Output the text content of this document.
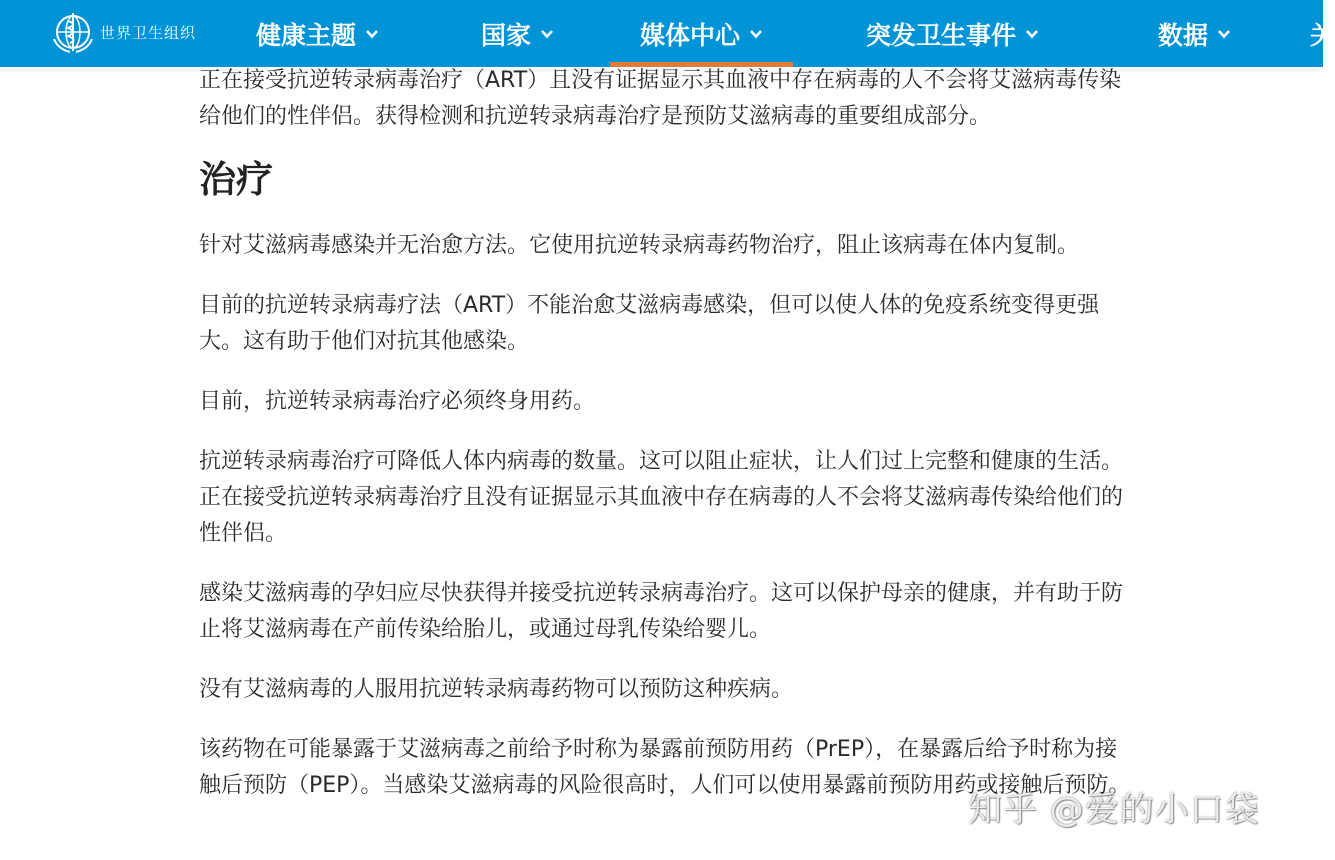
世界卫生组织 健康主题	国家	媒体中心	突发卫生事件	数据	关

正在接受抗逆转录病毒治疗（ART）且没有证据显示其血液中存在病毒的人不会将艾滋病毒传染给他们的性伴侣。获得检测和抗逆转录病毒治疗是预防艾滋病毒的重要组成部分。

治疗

针对艾滋病毒感染并无治愈方法。它使用抗逆转录病毒药物治疗，阻止该病毒在体内复制。

目前的抗逆转录病毒疗法（ART）不能治愈艾滋病毒感染，但可以使人体的免疫系统变得更强大。这有助于他们对抗其他感染。

目前，抗逆转录病毒治疗必须终身用药。

抗逆转录病毒治疗可降低人体内病毒的数量。这可以阻止症状，让人们过上完整和健康的生活。正在接受抗逆转录病毒治疗且没有证据显示其血液中存在病毒的人不会将艾滋病毒传染给他们的性伴侣。

感染艾滋病毒的孕妇应尽快获得并接受抗逆转录病毒治疗。这可以保护母亲的健康，并有助于防止将艾滋病毒在产前传染给胎儿，或通过母乳传染给婴儿。

没有艾滋病毒的人服用抗逆转录病毒药物可以预防这种疾病。

该药物在可能暴露于艾滋病毒之前给予时称为暴露前预防用药（PrEP），在暴露后给予时称为接触后预防（PEP）。当感染艾滋病毒的风险很高时，人们可以使用暴露前预防用药或接触后预防。

知乎 @爱的小口袋
